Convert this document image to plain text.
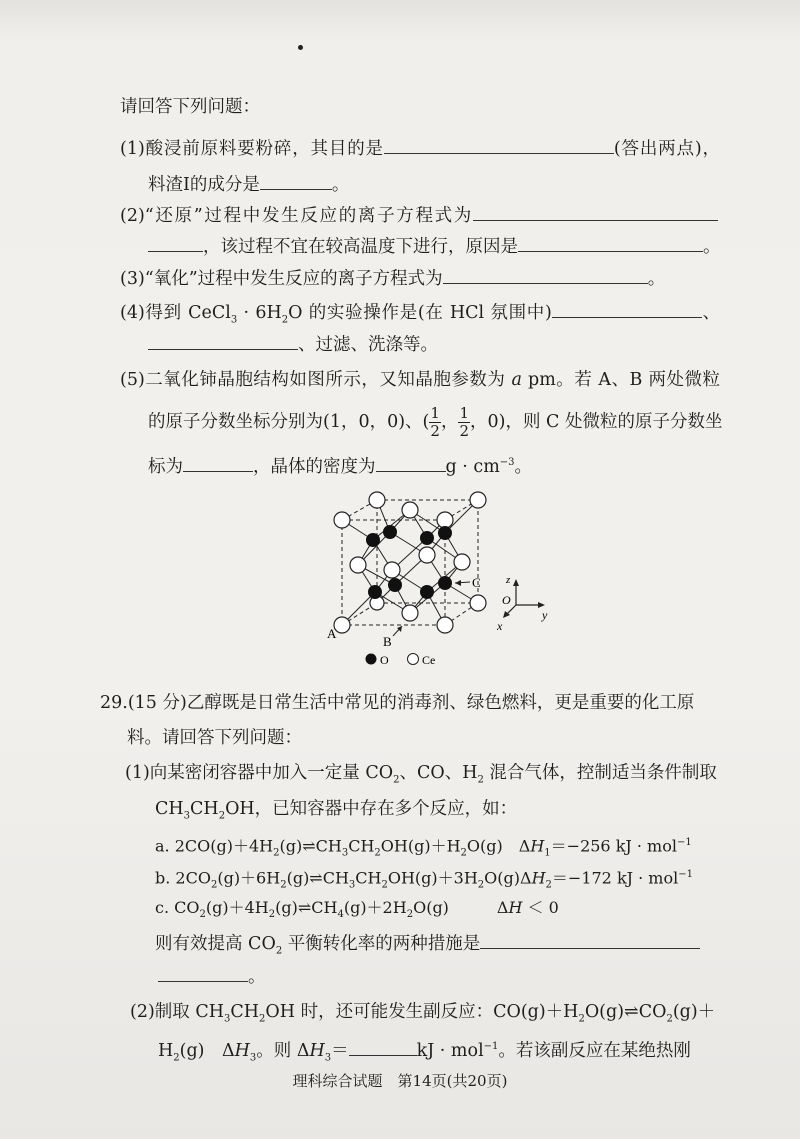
请回答下列问题：
(1)酸浸前原料要粉碎，其目的是	(答出两点)，
料渣Ⅰ的成分是	。
(2)“还原”过程中发生反应的离子方程式为
，该过程不宜在较高温度下进行，原因是	。
(3)“氧化”过程中发生反应的离子方程式为	。
(4)得到 CeCl$_3$ · $6H_2O$ 的实验操作是(在 HCl 氛围中)	、
、过滤、洗涤等。
(5)二氧化铈晶胞结构如图所示，又知晶胞参数为 a pm。若 A、B 两处微粒
的原子分数坐标分别为(1，0，0)、( $\frac{1}{2}$ ， $\frac{1}{2}$ ，0)，则 C 处微粒的原子分数坐
标为	，晶体的密度为	$g \cdot cm^{-3}$。
A
B
C z
O
y
x
O	Ce
29.(15 分)乙醇既是日常生活中常见的消毒剂、绿色燃料，更是重要的化工原
料。请回答下列问题：
(1)向某密闭容器中加入一定量 $CO_2$、CO、$H_2$ 混合气体，控制适当条件制取
$CH_3CH_2OH$，已知容器中存在多个反应，如：
a. $2CO(g)+4H_2(g)\rightleftharpoons CH_3CH_2OH(g)+H_2O(g)$　$\Delta H_1=-256$ kJ · mol$^{-1}$
b. $2CO_2(g)+6H_2(g)\rightleftharpoons CH_3CH_2OH(g)+3H_2O(g)\Delta H_2=-172$ kJ · mol$^{-1}$
c. $CO_2(g)+4H_2(g)\rightleftharpoons CH_4(g)+2H_2O(g)$　　　ΔH ＜ 0
则有效提高 $CO_2$ 平衡转化率的两种措施是
。
(2)制取 $CH_3CH_2OH$ 时，还可能发生副反应：$CO(g)+H_2O(g)\rightleftharpoons CO_2(g)+$
$H_2(g)$　$\Delta H_3$。则 $\Delta H_3=$	kJ · mol$^{-1}$。若该副反应在某绝热刚
理科综合试题　第14页(共20页)
